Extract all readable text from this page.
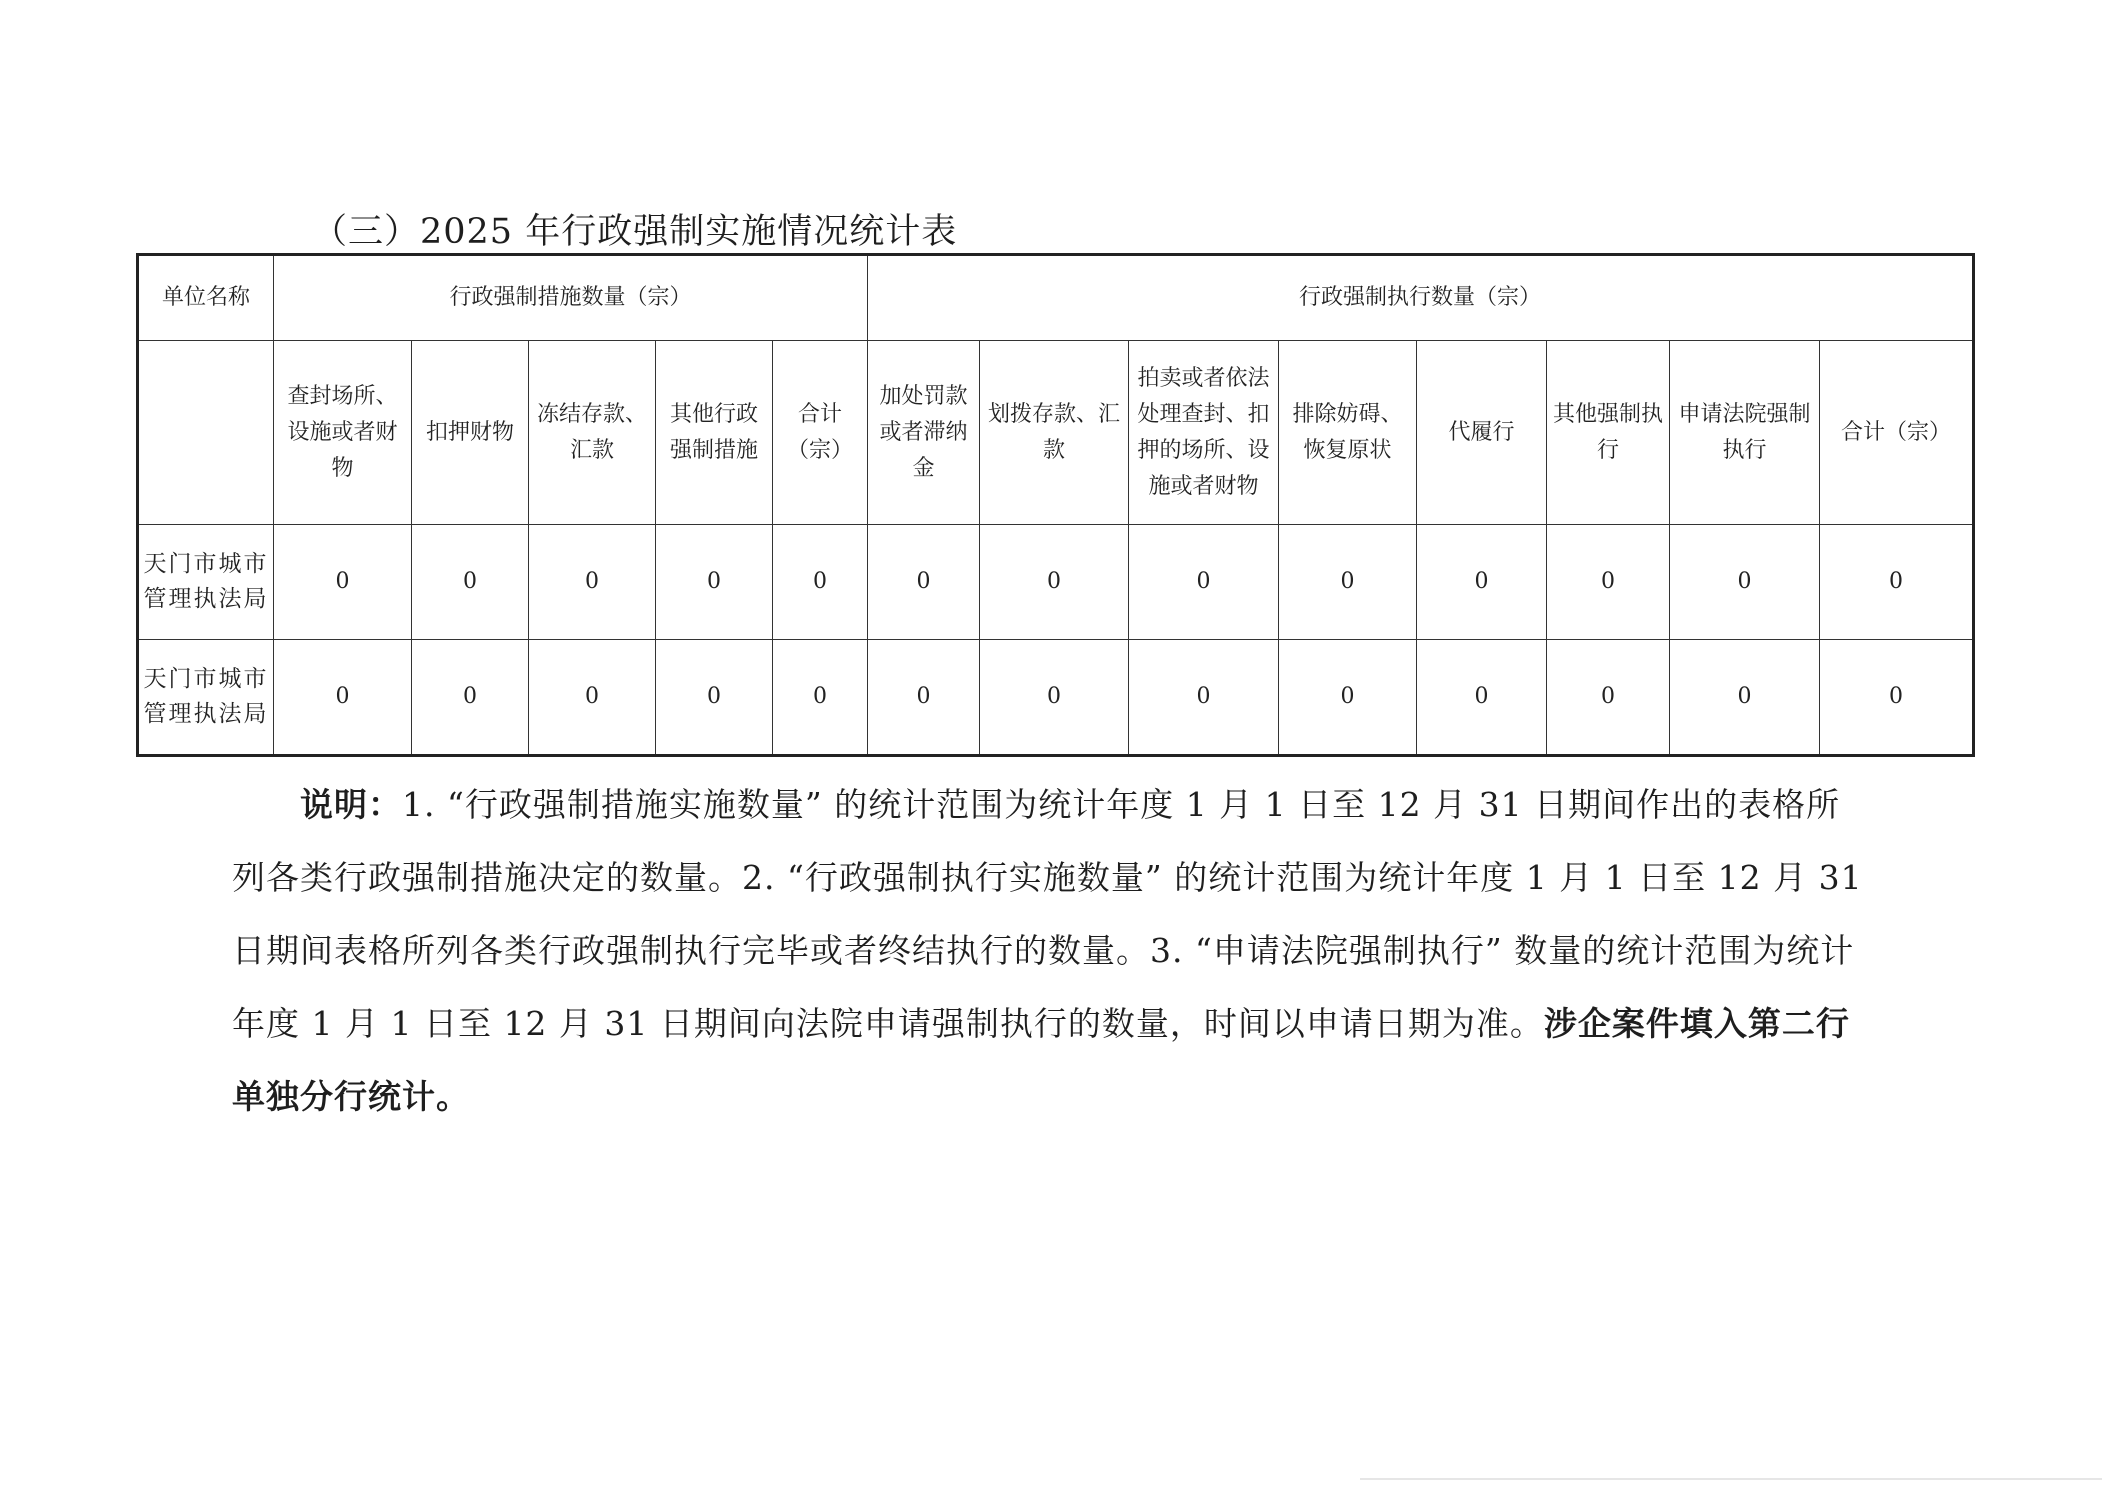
（三）2025 年行政强制实施情况统计表
单位名称	行政强制措施数量（宗）					行政强制执行数量（宗）							
	查封场所、设施或者财物	扣押财物	冻结存款、汇款	其他行政强制措施	合计（宗）	加处罚款或者滞纳金	划拨存款、汇款	拍卖或者依法处理查封、扣押的场所、设施或者财物	排除妨碍、恢复原状	代履行	其他强制执行	申请法院强制执行	合计（宗）
天门市城市管理执法局	0	0	0	0	0	0	0	0	0	0	0	0	0
天门市城市管理执法局	0	0	0	0	0	0	0	0	0	0	0	0	0
说明：1. “行政强制措施实施数量” 的统计范围为统计年度 1 月 1 日至 12 月 31 日期间作出的表格所列各类行政强制措施决定的数量。2. “行政强制执行实施数量” 的统计范围为统计年度 1 月 1 日至 12 月 31 日期间表格所列各类行政强制执行完毕或者终结执行的数量。3. “申请法院强制执行” 数量的统计范围为统计年度 1 月 1 日至 12 月 31 日期间向法院申请强制执行的数量，时间以申请日期为准。涉企案件填入第二行单独分行统计。
